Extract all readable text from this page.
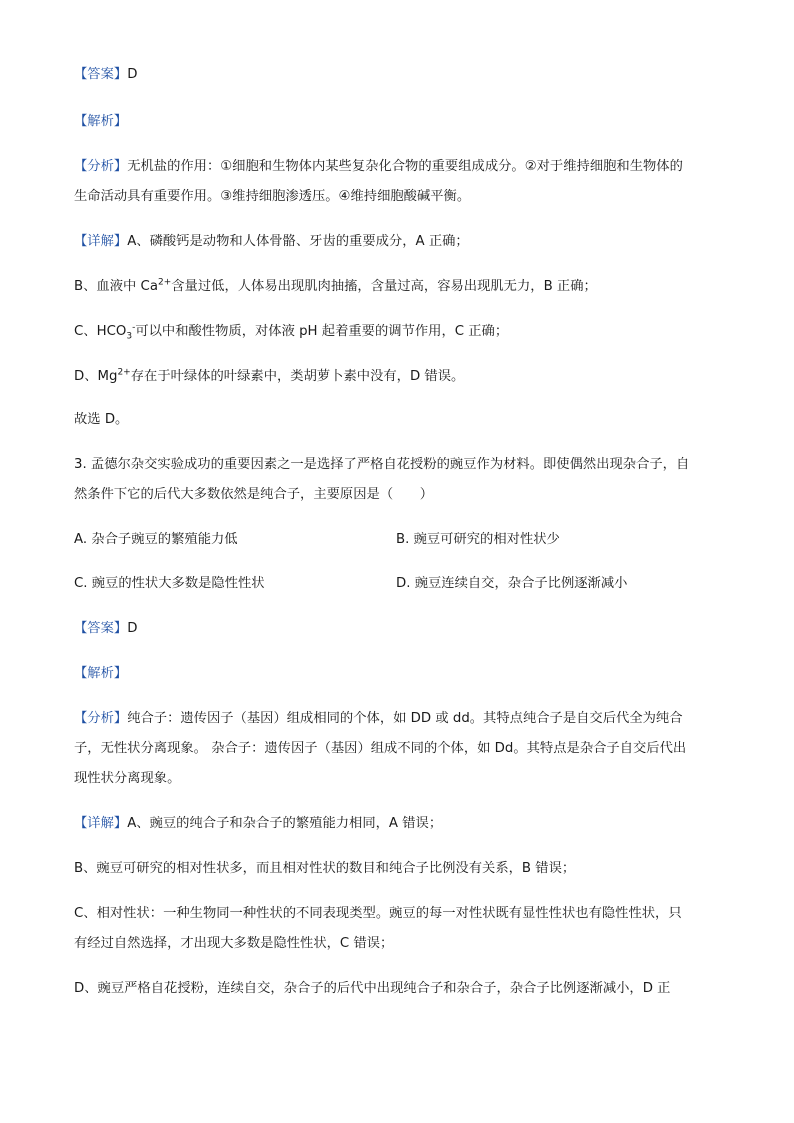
【答案】D
【解析】
【分析】无机盐的作用：①细胞和生物体内某些复杂化合物的重要组成成分。②对于维持细胞和生物体的
生命活动具有重要作用。③维持细胞渗透压。④维持细胞酸碱平衡。
【详解】A、磷酸钙是动物和人体骨骼、牙齿的重要成分，A 正确；
B、血液中 $Ca^{2+}$含量过低，人体易出现肌肉抽搐，含量过高，容易出现肌无力，B 正确；
C、$HCO_3^-$可以中和酸性物质，对体液 pH 起着重要的调节作用，C 正确；
D、$Mg^{2+}$存在于叶绿体的叶绿素中，类胡萝卜素中没有，D 错误。
故选 D。
3. 孟德尔杂交实验成功的重要因素之一是选择了严格自花授粉的豌豆作为材料。即使偶然出现杂合子，自
然条件下它的后代大多数依然是纯合子，主要原因是（　　）
A. 杂合子豌豆的繁殖能力低	B. 豌豆可研究的相对性状少
C. 豌豆的性状大多数是隐性性状	D. 豌豆连续自交，杂合子比例逐渐减小
【答案】D
【解析】
【分析】纯合子：遗传因子（基因）组成相同的个体，如 DD 或 dd。其特点纯合子是自交后代全为纯合
子，无性状分离现象。 杂合子：遗传因子（基因）组成不同的个体，如 Dd。其特点是杂合子自交后代出
现性状分离现象。
【详解】A、豌豆的纯合子和杂合子的繁殖能力相同，A 错误；
B、豌豆可研究的相对性状多，而且相对性状的数目和纯合子比例没有关系，B 错误；
C、相对性状：一种生物同一种性状的不同表现类型。豌豆的每一对性状既有显性性状也有隐性性状，只
有经过自然选择，才出现大多数是隐性性状，C 错误；
D、豌豆严格自花授粉，连续自交，杂合子的后代中出现纯合子和杂合子，杂合子比例逐渐减小，D 正
